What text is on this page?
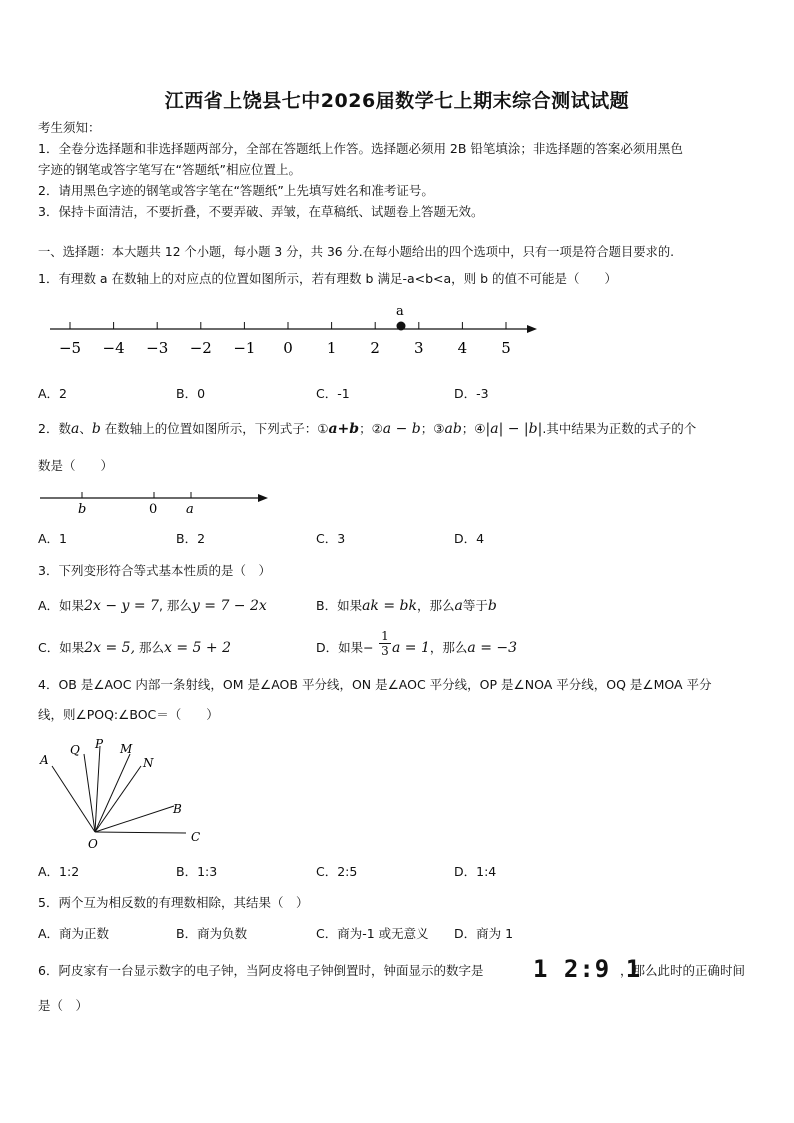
江西省上饶县七中2026届数学七上期末综合测试试题
考生须知：
1．全卷分选择题和非选择题两部分，全部在答题纸上作答。选择题必须用 2B 铅笔填涂；非选择题的答案必须用黑色
字迹的钢笔或答字笔写在“答题纸”相应位置上。
2．请用黑色字迹的钢笔或答字笔在“答题纸”上先填写姓名和准考证号。
3．保持卡面清洁，不要折叠，不要弄破、弄皱，在草稿纸、试题卷上答题无效。
一、选择题：本大题共 12 个小题，每小题 3 分，共 36 分.在每小题给出的四个选项中，只有一项是符合题目要求的.
1．有理数 a 在数轴上的对应点的位置如图所示，若有理数 b 满足-a<b<a，则 b 的值不可能是（　　）
−5 −4 −3 −2 −1 0 1 2 3 4 5
a
A．2	B．0	C．-1	D．-3
2．数a、b 在数轴上的位置如图所示，下列式子：①a+b；②a − b；③ab；④|a| − |b|.其中结果为正数的式子的个
数是（　　）
b	0 a
A．1	B．2	C．3	D．4
3．下列变形符合等式基本性质的是（　）
A．如果2x − y = 7, 那么y = 7 − 2x	B．如果ak = bk，那么a等于b
C．如果2x = 5, 那么x = 5 + 2	D．如果− $\frac{1}{3}$ a = 1，那么a = −3
4．OB 是∠AOC 内部一条射线，OM 是∠AOB 平分线，ON 是∠AOC 平分线，OP 是∠NOA 平分线，OQ 是∠MOA 平分
线，则∠POQ:∠BOC＝（　　）
A
Q P M
N
B
C
O
A．1:2	B．1:3	C．2:5	D．1:4
5．两个互为相反数的有理数相除，其结果（　）
A．商为正数	B．商为负数	C．商为-1 或无意义 D．商为 1
6．阿皮家有一台显示数字的电子钟，当阿皮将电子钟倒置时，钟面显示的数字是 1 2:9 1
，那么此时的正确时间
是（　）
